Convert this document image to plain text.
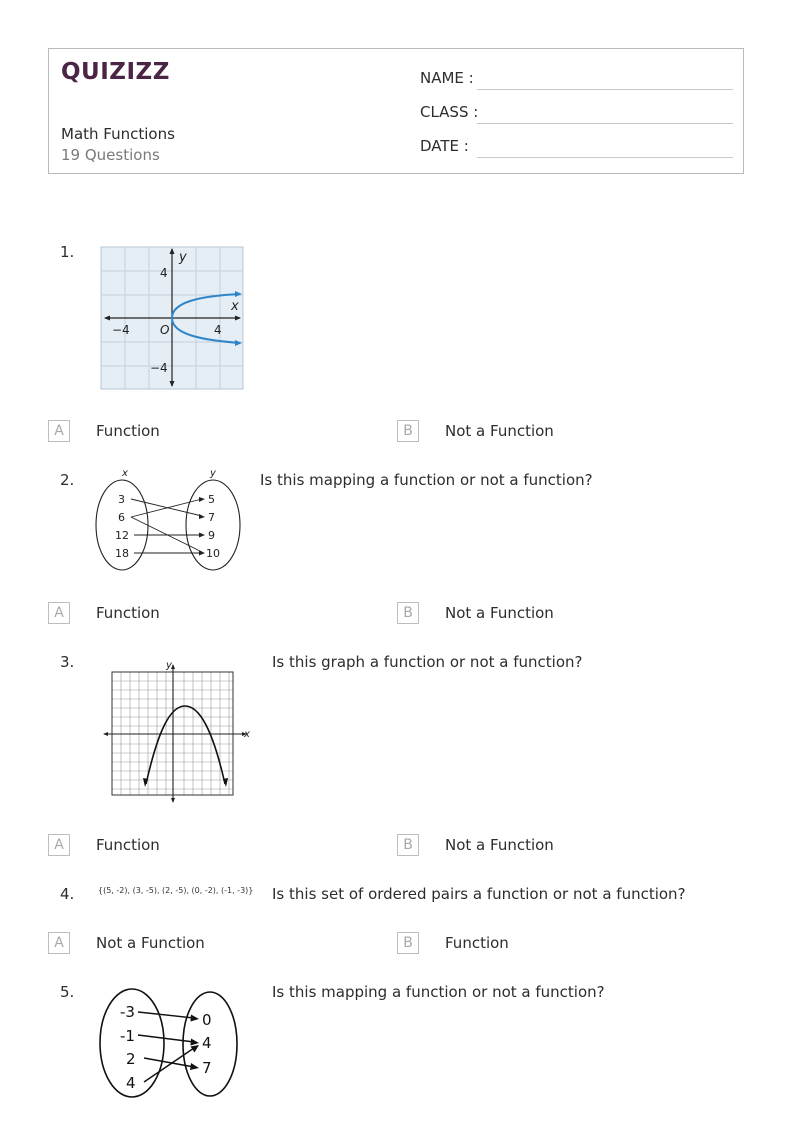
QUIZIZZ
Math Functions
19 Questions
NAME :
CLASS :
DATE :
1.	y
x
4
−4	O	4
−4
A	Function	B	Not a Function
2.	x	y
3
6
12
18
5
7
9
10
Is this mapping a function or not a function?
A	Function	B	Not a Function
3.	y
x
Is this graph a function or not a function?
A	Function	B	Not a Function
4.	{(5, -2), (3, -5), (2, -5), (0, -2), (-1, -3)} Is this set of ordered pairs a function or not a function?
A	Not a Function	B	Function
5.
-3
-1
2
4
0
4
7
Is this mapping a function or not a function?
